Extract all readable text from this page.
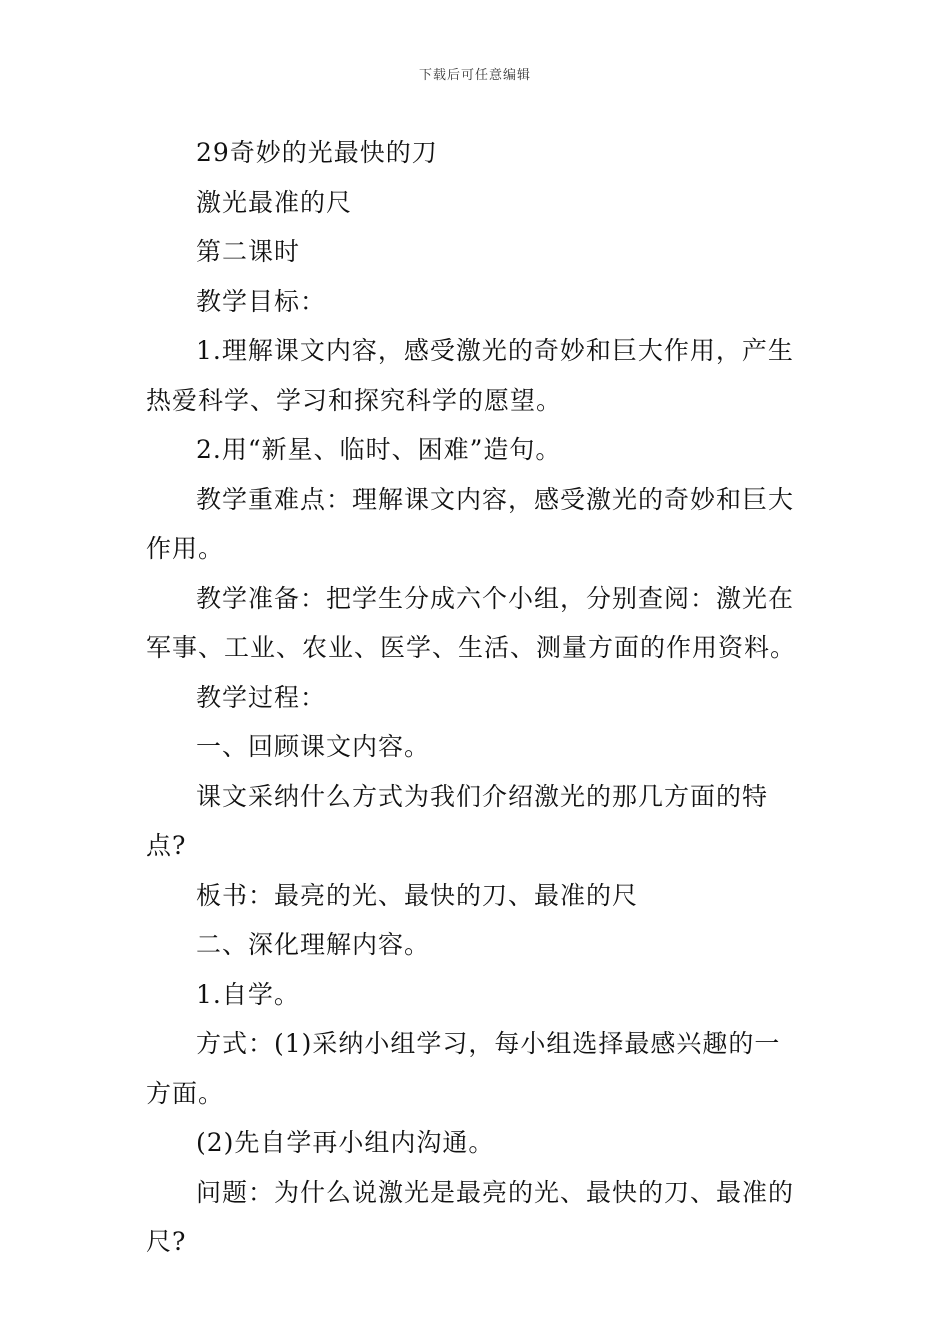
下载后可任意编辑

29奇妙的光最快的刀

激光最准的尺

第二课时

教学目标：

1.理解课文内容，感受激光的奇妙和巨大作用，产生热爱科学、学习和探究科学的愿望。

2.用“新星、临时、困难”造句。

教学重难点：理解课文内容，感受激光的奇妙和巨大作用。

教学准备：把学生分成六个小组，分别查阅：激光在军事、工业、农业、医学、生活、测量方面的作用资料。

教学过程：

一、回顾课文内容。

课文采纳什么方式为我们介绍激光的那几方面的特点?

板书：最亮的光、最快的刀、最准的尺

二、深化理解内容。

1.自学。

方式：(1)采纳小组学习，每小组选择最感兴趣的一方面。

(2)先自学再小组内沟通。

问题：为什么说激光是最亮的光、最快的刀、最准的尺?
